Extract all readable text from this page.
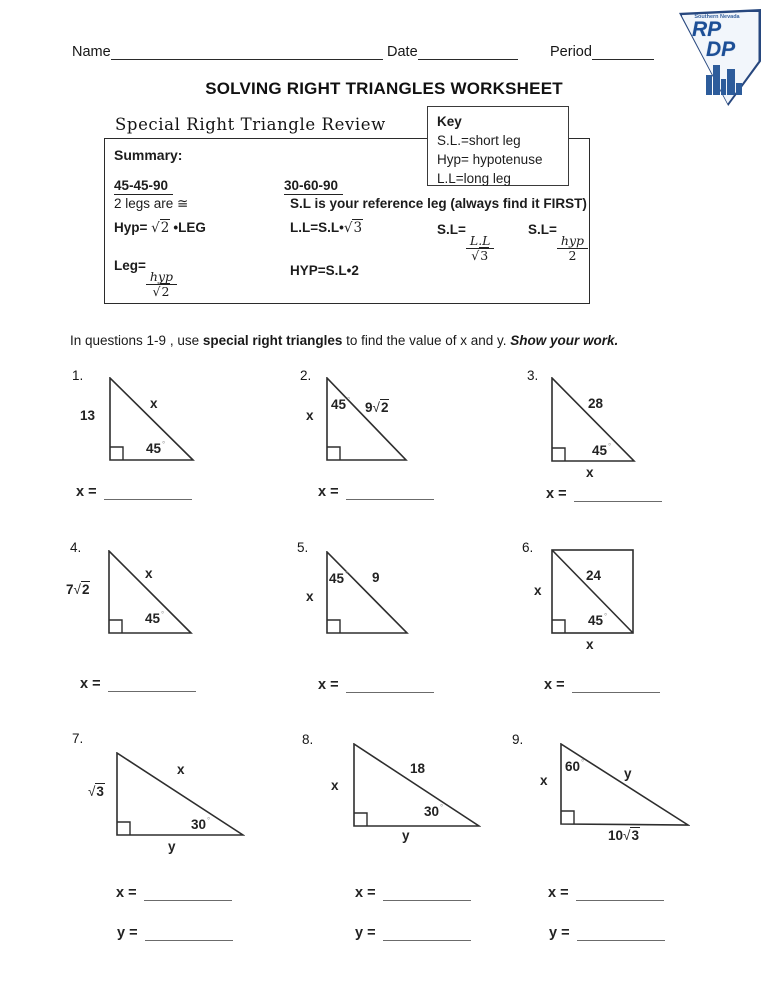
Name	Date	Period
Southern Nevada
RP
DP
SOLVING RIGHT TRIANGLES WORKSHEET
Special Right Triangle Review	Key
S.L.=short leg
Hyp= hypotenuse
L.L=long leg
Summary:
45-45-90
2 legs are ≅
30-60-90
S.L is your reference leg (always find it FIRST)
Hyp= √2 •LEG	L.L=S.L•√3	S.L=
$\frac{L.L}{√3}$
S.L=
$\frac{\text{hyp}}{2}$
Leg=
$\frac{\text{hyp}}{√2}$	HYP=S.L•2
In questions 1-9 , use special right triangles to find the value of x and y. Show your work.
1.
13
x
45°
x =
2.
x
45° 9√2
x =
3.
28
45°
x
x =
4.
7√2
x
45°
x =
5.
x
45° 9
x =
6.
x
24
45°
x
x =
7.
√3
x
30°
y
x =
y =
8.
x
18
30°
y
x =
y =
9.
x
60°
y
10√3
x =
y =
